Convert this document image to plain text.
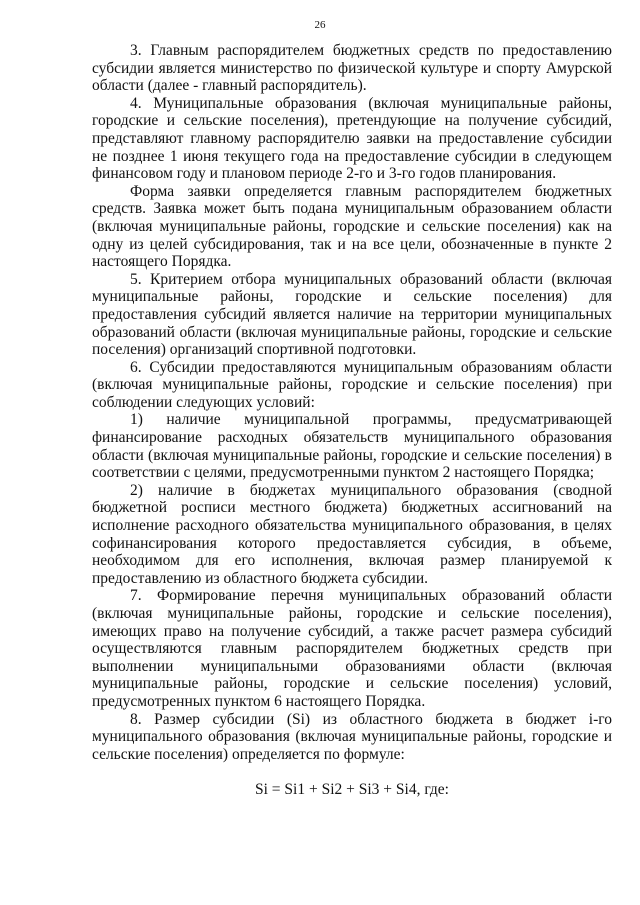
26

3. Главным распорядителем бюджетных средств по предоставлению субсидии является министерство по физической культуре и спорту Амурской области (далее - главный распорядитель).

4. Муниципальные образования (включая муниципальные районы, городские и сельские поселения), претендующие на получение субсидий, представляют главному распорядителю заявки на предоставление субсидии не позднее 1 июня текущего года на предоставление субсидии в следующем финансовом году и плановом периоде 2-го и 3-го годов планирования.

Форма заявки определяется главным распорядителем бюджетных средств. Заявка может быть подана муниципальным образованием области (включая муниципальные районы, городские и сельские поселения) как на одну из целей субсидирования, так и на все цели, обозначенные в пункте 2 настоящего Порядка.

5. Критерием отбора муниципальных образований области (включая муниципальные районы, городские и сельские поселения) для предоставления субсидий является наличие на территории муниципальных образований области (включая муниципальные районы, городские и сельские поселения) организаций спортивной подготовки.

6. Субсидии предоставляются муниципальным образованиям области (включая муниципальные районы, городские и сельские поселения) при соблюдении следующих условий:

1) наличие муниципальной программы, предусматривающей финансирование расходных обязательств муниципального образования области (включая муниципальные районы, городские и сельские поселения) в соответствии с целями, предусмотренными пунктом 2 настоящего Порядка;

2) наличие в бюджетах муниципального образования (сводной бюджетной росписи местного бюджета) бюджетных ассигнований на исполнение расходного обязательства муниципального образования, в целях софинансирования которого предоставляется субсидия, в объеме, необходимом для его исполнения, включая размер планируемой к предоставлению из областного бюджета субсидии.

7. Формирование перечня муниципальных образований области (включая муниципальные районы, городские и сельские поселения), имеющих право на получение субсидий, а также расчет размера субсидий осуществляются главным распорядителем бюджетных средств при выполнении муниципальными образованиями области (включая муниципальные районы, городские и сельские поселения) условий, предусмотренных пунктом 6 настоящего Порядка.

8. Размер субсидии (Si) из областного бюджета в бюджет i-го муниципального образования (включая муниципальные районы, городские и сельские поселения) определяется по формуле:

Si = Si1 + Si2 + Si3 + Si4, где:
